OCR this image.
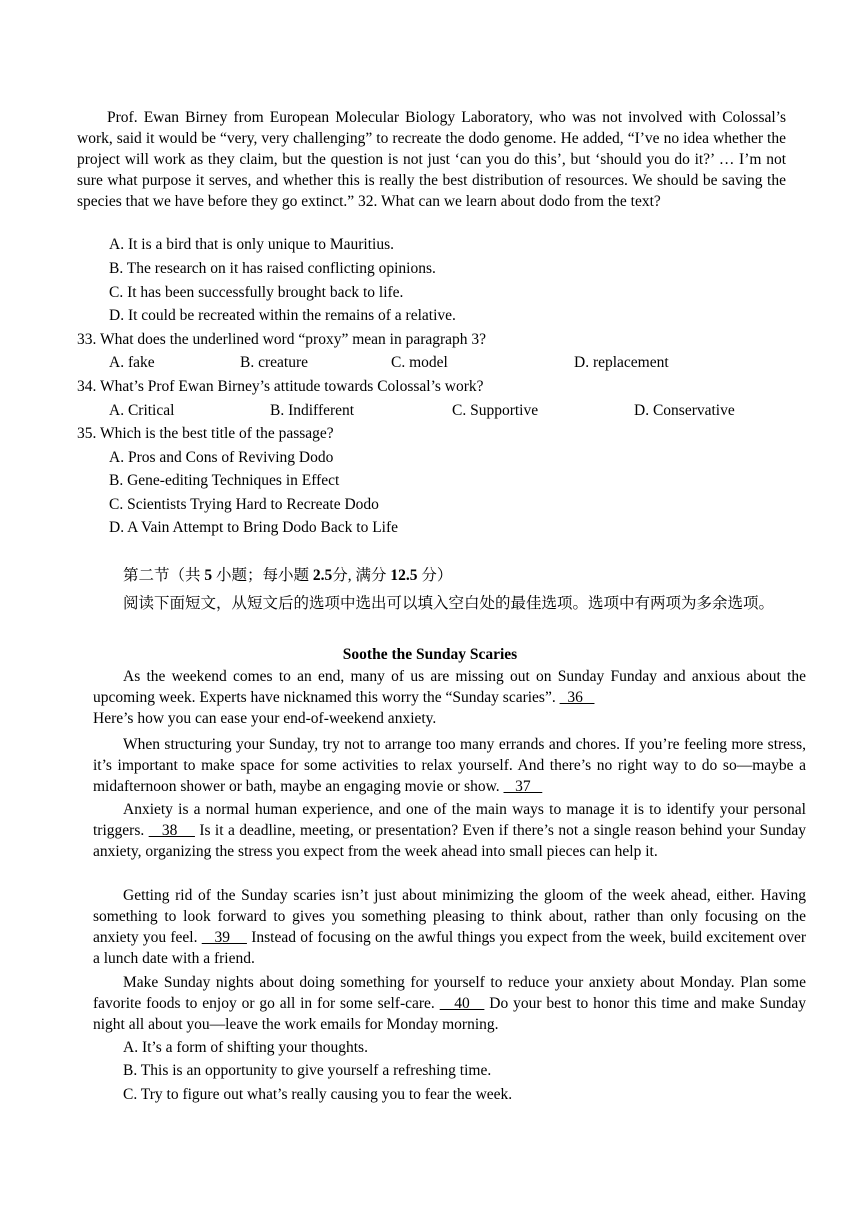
Prof. Ewan Birney from European Molecular Biology Laboratory, who was not involved with Colossal’s work, said it would be “very, very challenging” to recreate the dodo genome. He added, “I’ve no idea whether the project will work as they claim, but the question is not just ‘can you do this’, but ‘should you do it?’ … I’m not sure what purpose it serves, and whether this is really the best distribution of resources. We should be saving the species that we have before they go extinct.” 32. What can we learn about dodo from the text?
A. It is a bird that is only unique to Mauritius.
B. The research on it has raised conflicting opinions.
C. It has been successfully brought back to life.
D. It could be recreated within the remains of a relative.
33. What does the underlined word “proxy” mean in paragraph 3?
A. fake	B. creature	C. model	D. replacement
34. What’s Prof Ewan Birney’s attitude towards Colossal’s work?
A. Critical	B. Indifferent	C. Supportive	D. Conservative
35. Which is the best title of the passage?
A. Pros and Cons of Reviving Dodo
B. Gene-editing Techniques in Effect
C. Scientists Trying Hard to Recreate Dodo
D. A Vain Attempt to Bring Dodo Back to Life
第二节（共 5 小题；每小题 2.5分, 满分 12.5 分）
阅读下面短文，从短文后的选项中选出可以填入空白处的最佳选项。选项中有两项为多余选项。
Soothe the Sunday Scaries
As the weekend comes to an end, many of us are missing out on Sunday Funday and anxious about the upcoming week. Experts have nicknamed this worry the “Sunday scaries”.   36
Here’s how you can ease your end-of-weekend anxiety.
When structuring your Sunday, try not to arrange too many errands and chores. If you’re feeling more stress, it’s important to make space for some activities to relax yourself. And there’s no right way to do so—maybe a midafternoon shower or bath, maybe an engaging movie or show.    37
Anxiety is a normal human experience, and one of the main ways to manage it is to identify your personal triggers.    38     Is it a deadline, meeting, or presentation? Even if there’s not a single reason behind your Sunday anxiety, organizing the stress you expect from the week ahead into small pieces can help it.
Getting rid of the Sunday scaries isn’t just about minimizing the gloom of the week ahead, either. Having something to look forward to gives you something pleasing to think about, rather than only focusing on the anxiety you feel.    39     Instead of focusing on the awful things you expect from the week, build excitement over a lunch date with a friend.
Make Sunday nights about doing something for yourself to reduce your anxiety about Monday. Plan some favorite foods to enjoy or go all in for some self-care.    40    Do your best to honor this time and make Sunday night all about you—leave the work emails for Monday morning.
A. It’s a form of shifting your thoughts.
B. This is an opportunity to give yourself a refreshing time.
C. Try to figure out what’s really causing you to fear the week.
